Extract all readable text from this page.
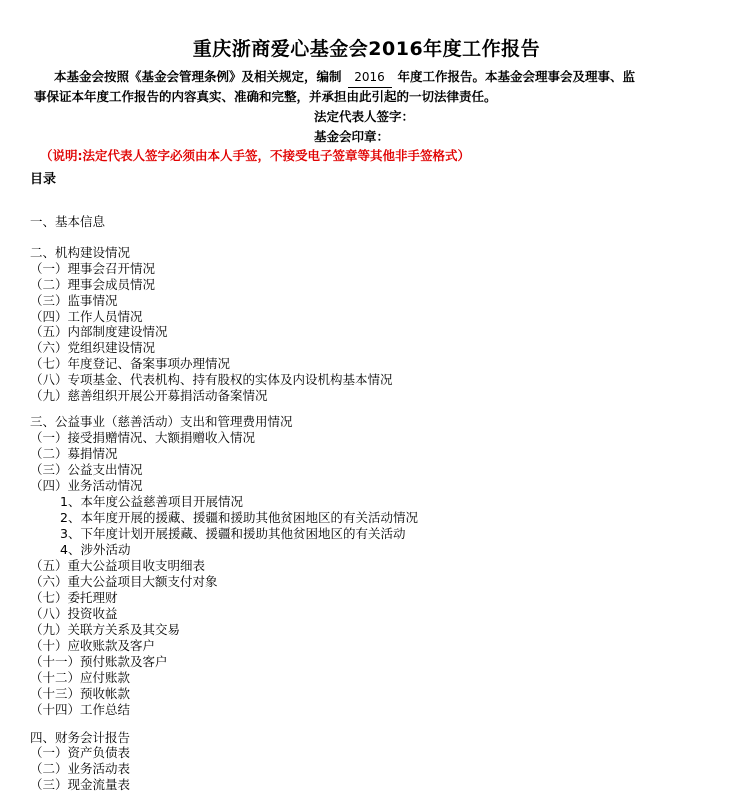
重庆浙商爱心基金会2016年度工作报告
本基金会按照《基金会管理条例》及相关规定，编制 2016 年度工作报告。本基金会理事会及理事、监
事保证本年度工作报告的内容真实、准确和完整，并承担由此引起的一切法律责任。
法定代表人签字：
基金会印章：
（说明:法定代表人签字必须由本人手签，不接受电子签章等其他非手签格式）
目录
一、基本信息
二、机构建设情况
（一）理事会召开情况
（二）理事会成员情况
（三）监事情况
（四）工作人员情况
（五）内部制度建设情况
（六）党组织建设情况
（七）年度登记、备案事项办理情况
（八）专项基金、代表机构、持有股权的实体及内设机构基本情况
（九）慈善组织开展公开募捐活动备案情况
三、公益事业（慈善活动）支出和管理费用情况
（一）接受捐赠情况、大额捐赠收入情况
（二）募捐情况
（三）公益支出情况
（四）业务活动情况
1、本年度公益慈善项目开展情况
2、本年度开展的援藏、援疆和援助其他贫困地区的有关活动情况
3、下年度计划开展援藏、援疆和援助其他贫困地区的有关活动
4、涉外活动
（五）重大公益项目收支明细表
（六）重大公益项目大额支付对象
（七）委托理财
（八）投资收益
（九）关联方关系及其交易
（十）应收账款及客户
（十一）预付账款及客户
（十二）应付账款
（十三）预收帐款
（十四）工作总结
四、财务会计报告
（一）资产负债表
（二）业务活动表
（三）现金流量表
